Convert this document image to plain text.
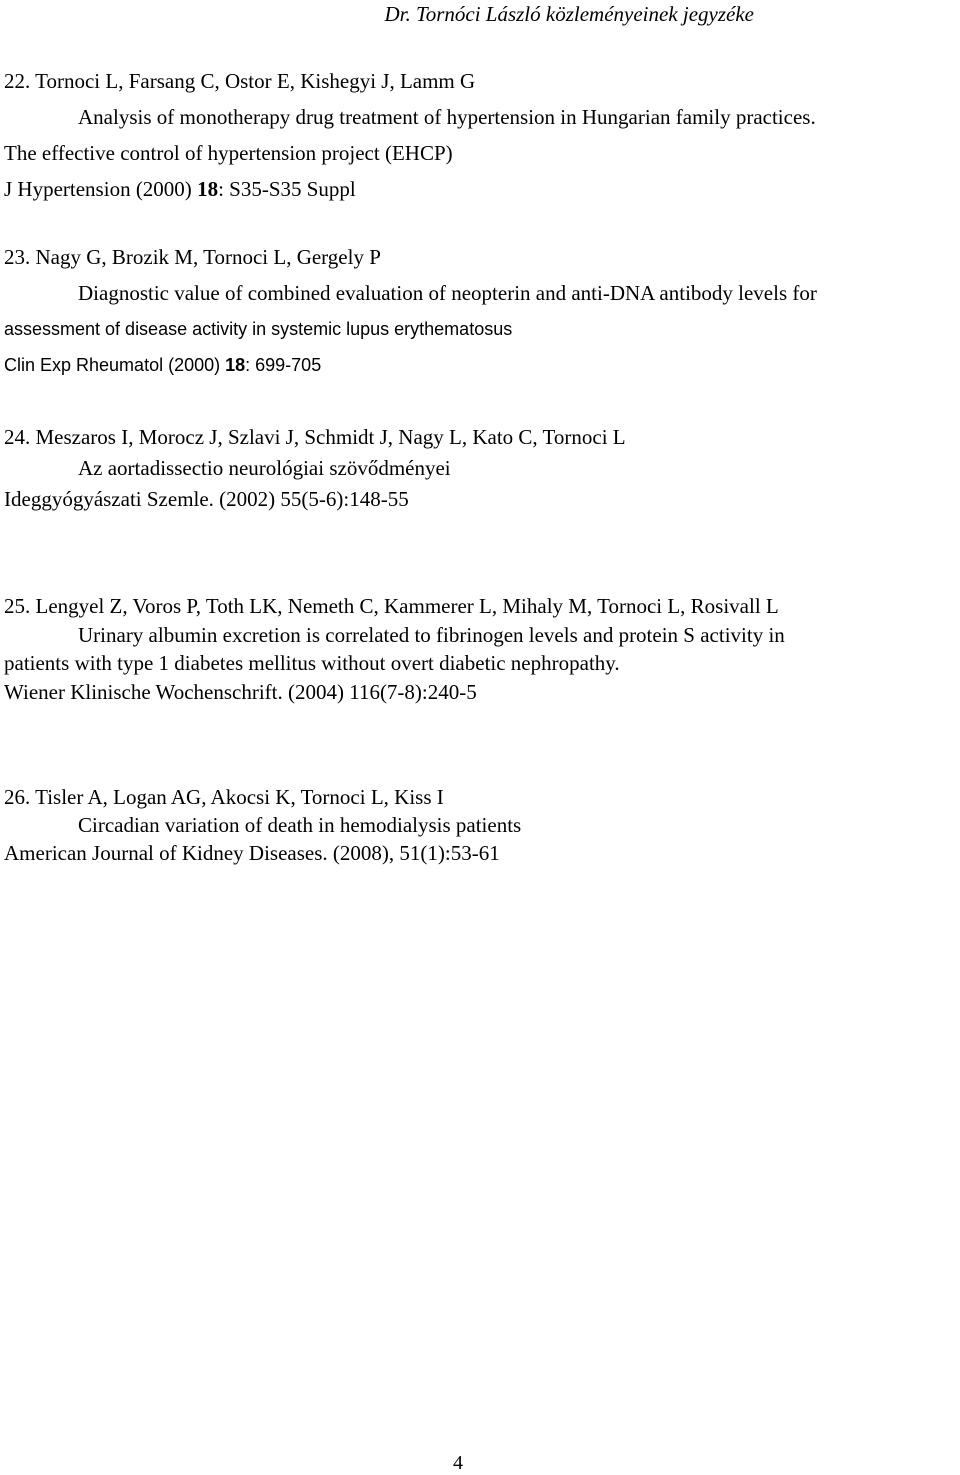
Dr. Tornóci László közleményeinek jegyzéke
22. Tornoci L, Farsang C, Ostor E, Kishegyi J, Lamm G
Analysis of monotherapy drug treatment of hypertension in Hungarian family practices.
The effective control of hypertension project (EHCP)
J Hypertension (2000) 18: S35-S35 Suppl
23. Nagy G, Brozik M, Tornoci L, Gergely P
Diagnostic value of combined evaluation of neopterin and anti-DNA antibody levels for
assessment of disease activity in systemic lupus erythematosus
Clin Exp Rheumatol (2000) 18: 699-705
24. Meszaros I, Morocz J, Szlavi J, Schmidt J, Nagy L, Kato C, Tornoci L
Az aortadissectio neurológiai szövődményei
Ideggyógyászati Szemle. (2002) 55(5-6):148-55
25. Lengyel Z, Voros P, Toth LK, Nemeth C, Kammerer L, Mihaly M, Tornoci L, Rosivall L
Urinary albumin excretion is correlated to fibrinogen levels and protein S activity in
patients with type 1 diabetes mellitus without overt diabetic nephropathy.
Wiener Klinische Wochenschrift. (2004) 116(7-8):240-5
26. Tisler A, Logan AG, Akocsi K, Tornoci L, Kiss I
Circadian variation of death in hemodialysis patients
American Journal of Kidney Diseases. (2008), 51(1):53-61
4
